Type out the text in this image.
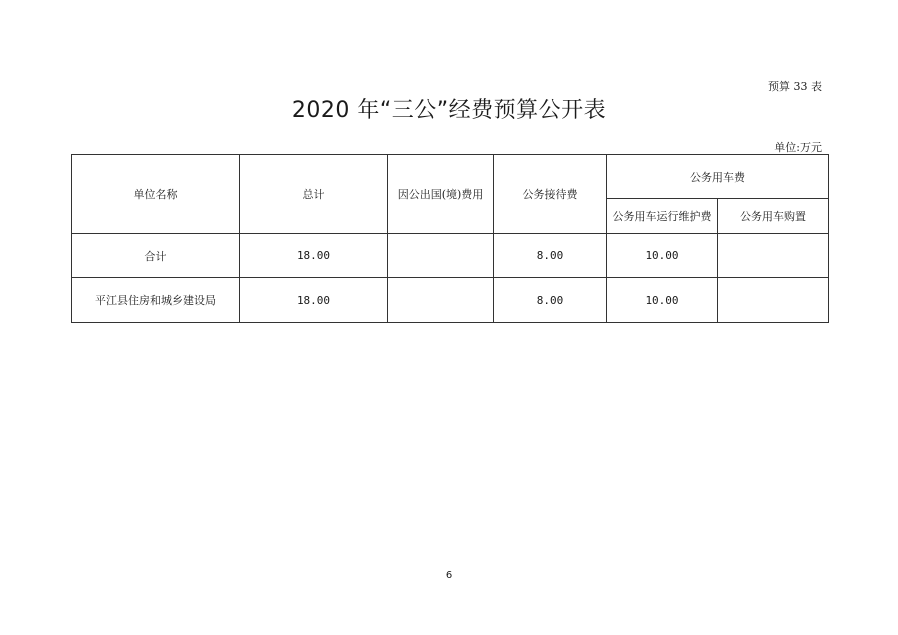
预算 33 表
2020 年“三公”经费预算公开表
单位:万元
单位名称	总计	因公出国(境)费用	公务接待费	公务用车费	
				公务用车运行维护费	公务用车购置
合计	18.00		8.00	10.00	
平江县住房和城乡建设局	18.00		8.00	10.00	
6
